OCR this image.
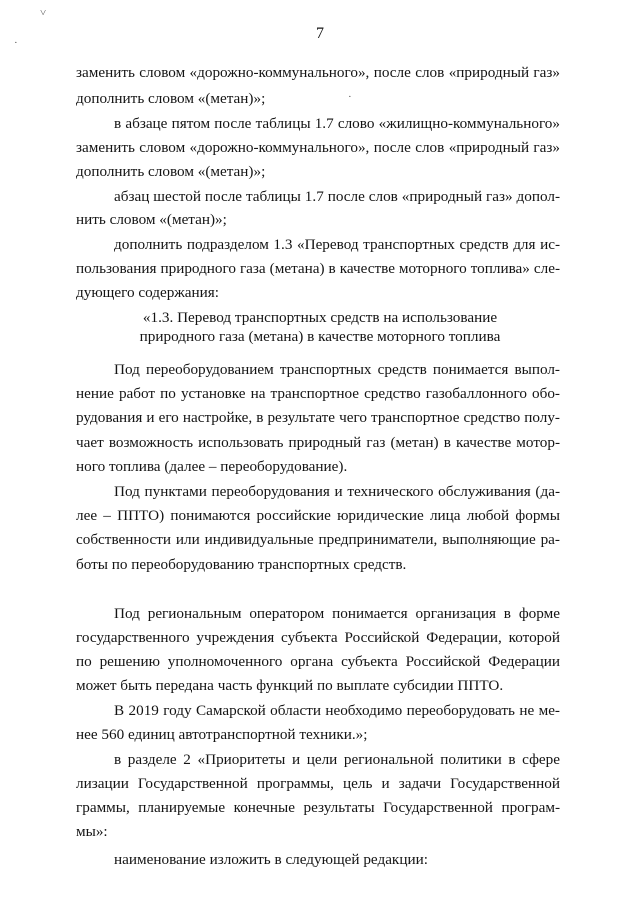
˅
·
·
7
заменить словом «дорожно-коммунального», после слов «природный газ»
дополнить словом «(метан)»;
в абзаце пятом после таблицы 1.7 слово «жилищно-коммунального»
заменить словом «дорожно-коммунального», после слов «природный газ»
дополнить словом «(метан)»;
абзац шестой после таблицы 1.7 после слов «природный газ» допол-
нить словом «(метан)»;
дополнить подразделом 1.3 «Перевод транспортных средств для ис-
пользования природного газа (метана) в качестве моторного топлива» сле-
дующего содержания:
«1.3. Перевод транспортных средств на использование
природного газа (метана) в качестве моторного топлива
Под переоборудованием транспортных средств понимается выпол-
нение работ по установке на транспортное средство газобаллонного обо-
рудования и его настройке, в результате чего транспортное средство полу-
чает возможность использовать природный газ (метан) в качестве мотор-
ного топлива (далее – переоборудование).
Под пунктами переоборудования и технического обслуживания (да-
лее – ППТО) понимаются российские юридические лица любой формы
собственности или индивидуальные предприниматели, выполняющие ра-
боты по переоборудованию транспортных средств.
Под региональным оператором понимается организация в форме
государственного учреждения субъекта Российской Федерации, которой
по решению уполномоченного органа субъекта Российской Федерации
может быть передана часть функций по выплате субсидии ППТО.
В 2019 году Самарской области необходимо переоборудовать не ме-
нее 560 единиц автотранспортной техники.»;
в разделе 2 «Приоритеты и цели региональной политики в сфере
лизации Государственной программы, цель и задачи Государственной
граммы, планируемые конечные результаты Государственной програм-
мы»:
наименование изложить в следующей редакции:
